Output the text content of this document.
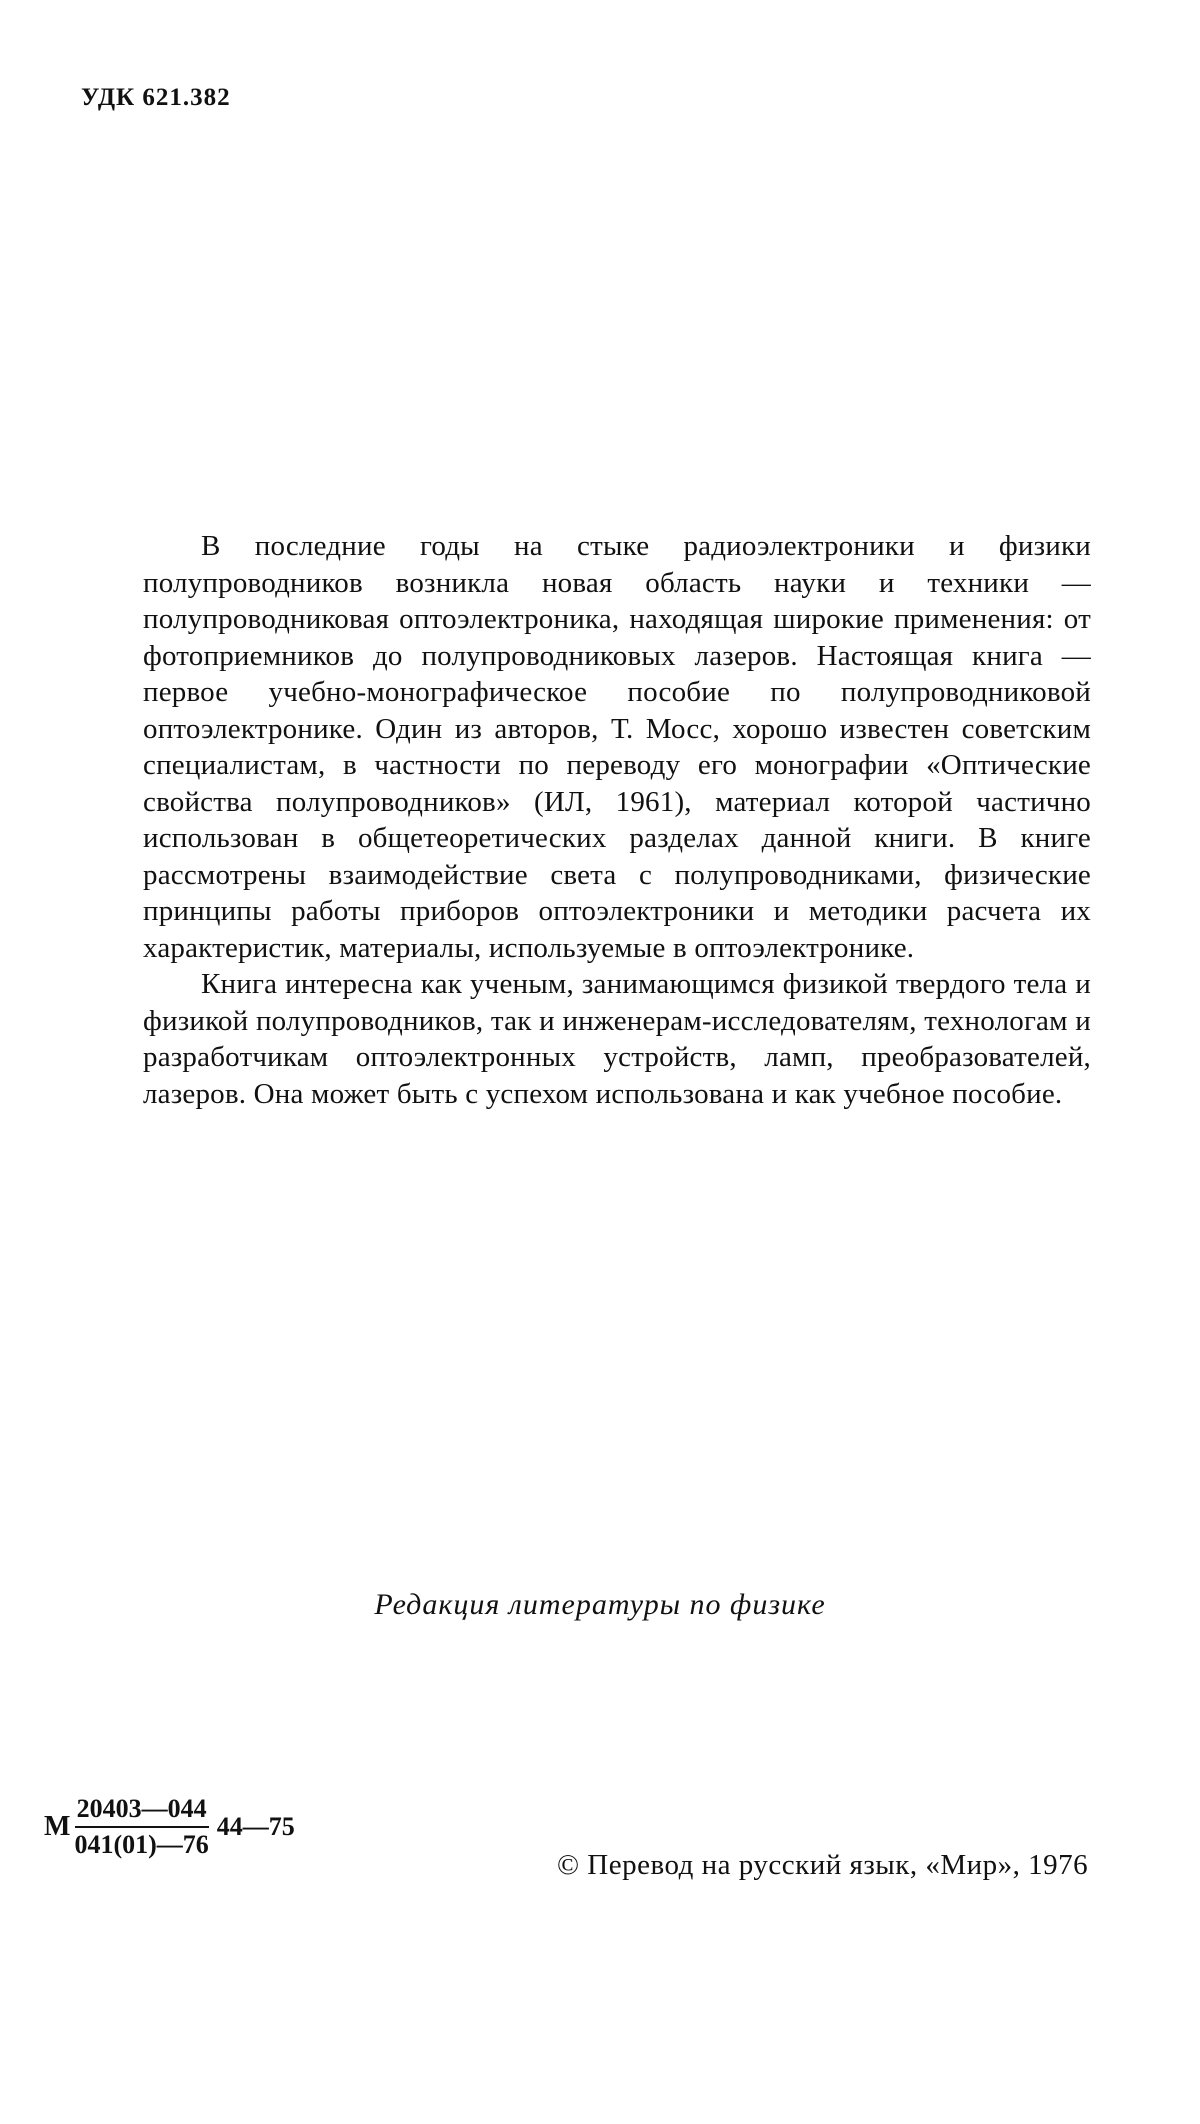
УДК 621.382

В последние годы на стыке радиоэлектроники и физики полупроводников возникла новая область науки и техники — полупроводниковая оптоэлектроника, находящая широкие применения: от фотоприемников до полупроводниковых лазеров. Настоящая книга — первое учебно-монографическое пособие по полупроводниковой оптоэлектронике. Один из авторов, Т. Мосс, хорошо известен советским специалистам, в частности по переводу его монографии «Оптические свойства полупроводников» (ИЛ, 1961), материал которой частично использован в общетеоретических разделах данной книги. В книге рассмотрены взаимодействие света с полупроводниками, физические принципы работы приборов оптоэлектроники и методики расчета их характеристик, материалы, используемые в оптоэлектронике.

Книга интересна как ученым, занимающимся физикой твердого тела и физикой полупроводников, так и инженерам-исследователям, технологам и разработчикам оптоэлектронных устройств, ламп, преобразователей, лазеров. Она может быть с успехом использована и как учебное пособие.

Редакция литературы по физике
М $\frac{20403—044}{041(01)—76}$ 44—75
© Перевод на русский язык, «Мир», 1976
